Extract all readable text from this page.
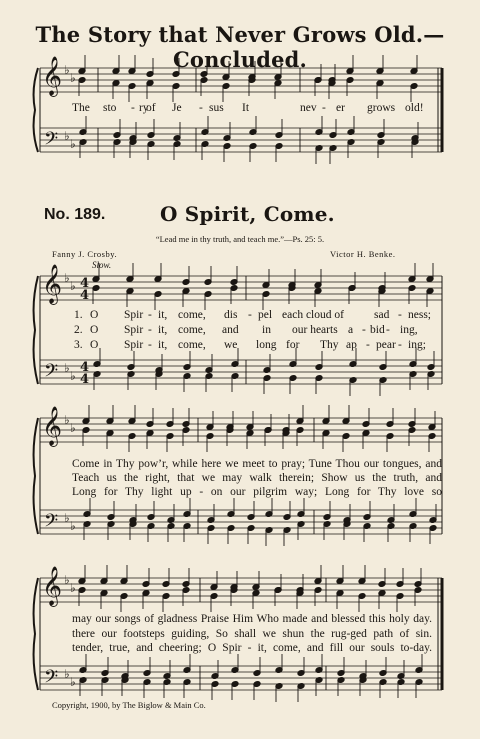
𝄞
𝄢
♭
♭
♭
♭
𝄞
𝄢
♭
♭
♭
♭
4
4
4
4
𝄞
𝄢
♭
♭
♭
♭
𝄞
𝄢
♭
♭
♭
♭
The Story that Never Grows Old.—Concluded.
No. 189.	O Spirit, Come.
“Lead me in thy truth, and teach me.”—Ps. 25: 5.
Fanny J. Crosby.	Victor H. Benke.
Slow.
The sto - ry
of Je - sus It	nev - er grows old!
1. O Spir - it, come, dis - pel each cloud of	sad - ness;
2. O Spir - it, come, and in our hearts a - bid - ing,
3. O Spir - it, come, we long for Thy ap - pear - ing;
Come in Thy pow’r, while here we meet to pray; Tune Thou our tongues, and
Teach us the right, that we may walk therein; Show us the truth, and
Long for Thy light up - on our pilgrim way; Long for Thy love so
may our songs of gladness Praise Him Who made and blessed this holy day.
there our footsteps guiding, So shall we shun the rug-ged path of sin.
tender, true, and cheering; O Spir - it, come, and fill our souls to-day.
Copyright, 1900, by The Biglow & Main Co.
